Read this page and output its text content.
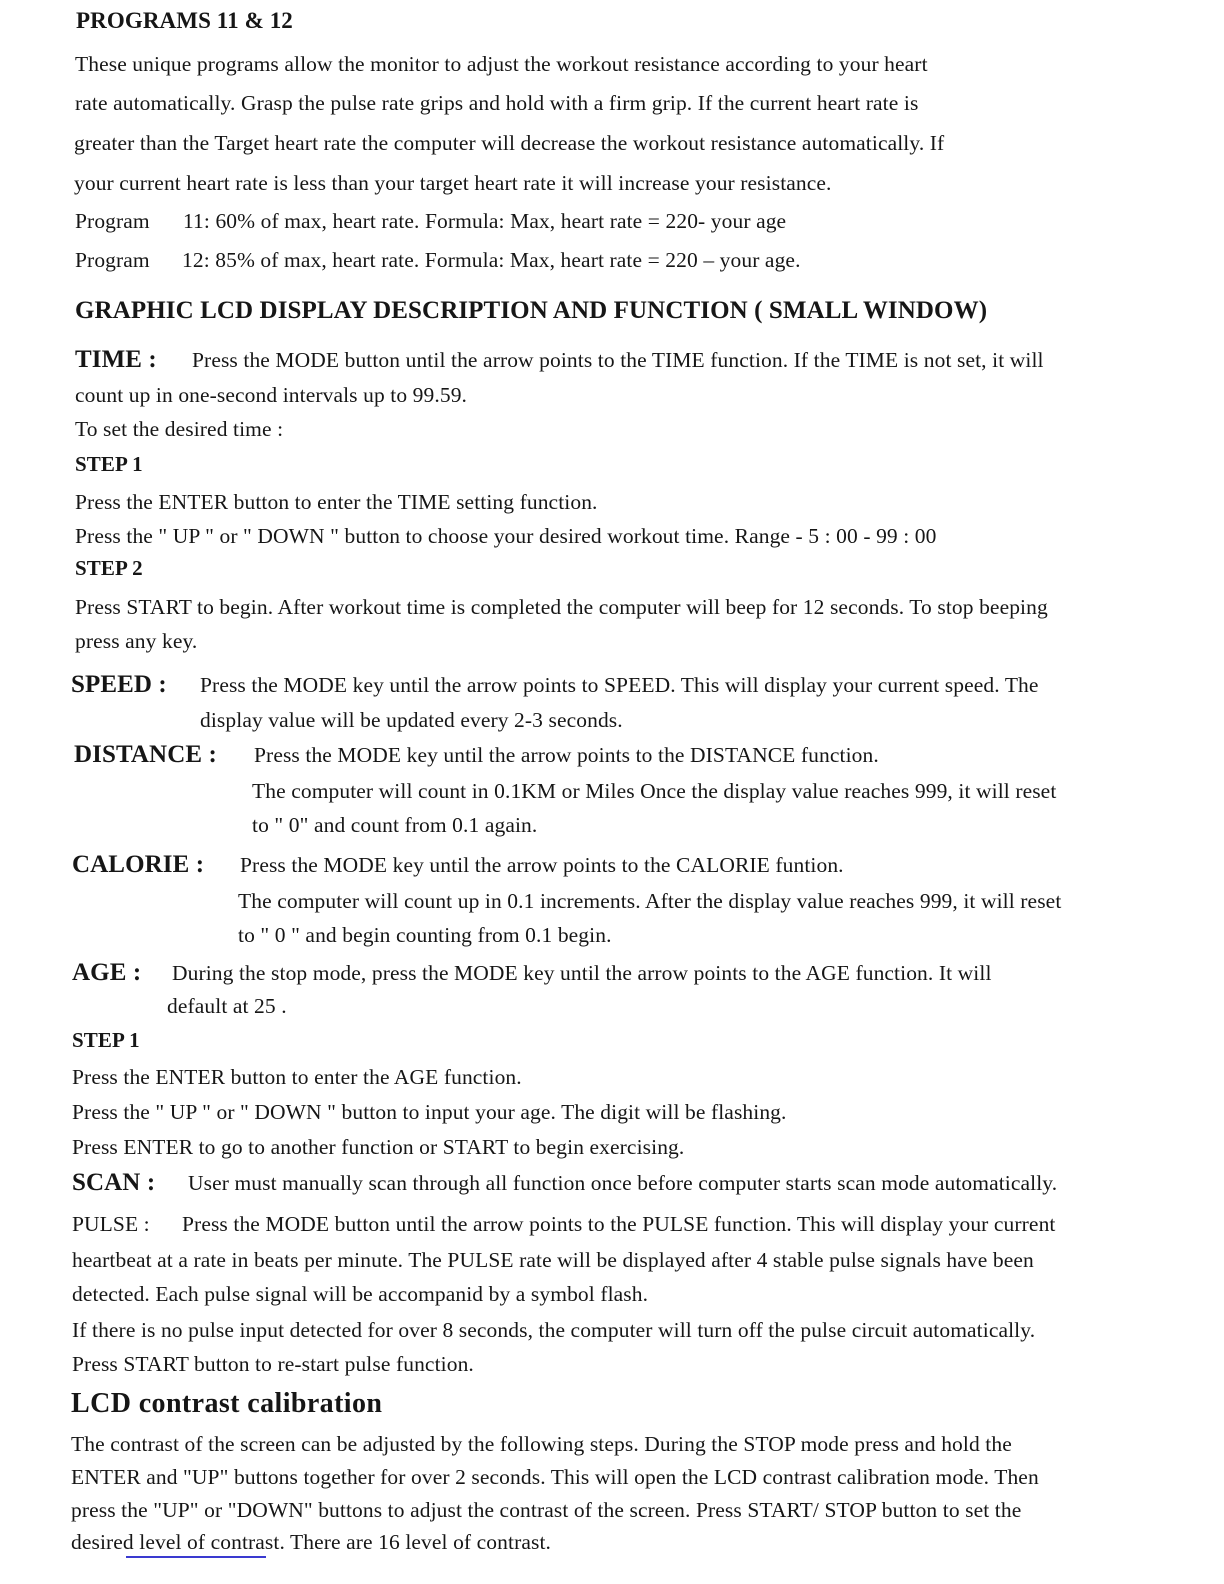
PROGRAMS 11 & 12
These unique programs allow the monitor to adjust the workout resistance according to your heart
rate automatically. Grasp the pulse rate grips and hold with a firm grip. If the current heart rate is
greater than the Target heart rate the computer will decrease the workout resistance automatically. If
your current heart rate is less than your target heart rate it will increase your resistance.
Program 11: 60% of max, heart rate. Formula: Max, heart rate = 220- your age
Program 12: 85% of max, heart rate. Formula: Max, heart rate = 220 – your age.
GRAPHIC LCD DISPLAY DESCRIPTION AND FUNCTION ( SMALL WINDOW)
TIME : Press the MODE button until the arrow points to the TIME function. If the TIME is not set, it will
count up in one-second intervals up to 99.59.
To set the desired time :
STEP 1
Press the ENTER button to enter the TIME setting function.
Press the " UP " or " DOWN " button to choose your desired workout time. Range - 5 : 00 - 99 : 00
STEP 2
Press START to begin. After workout time is completed the computer will beep for 12 seconds. To stop beeping
press any key.
SPEED : Press the MODE key until the arrow points to SPEED. This will display your current speed. The
display value will be updated every 2-3 seconds.
DISTANCE : Press the MODE key until the arrow points to the DISTANCE function.
The computer will count in 0.1KM or Miles Once the display value reaches 999, it will reset
to " 0" and count from 0.1 again.
CALORIE : Press the MODE key until the arrow points to the CALORIE funtion.
The computer will count up in 0.1 increments. After the display value reaches 999, it will reset
to " 0 " and begin counting from 0.1 begin.
AGE : During the stop mode, press the MODE key until the arrow points to the AGE function. It will
default at 25 .
STEP 1
Press the ENTER button to enter the AGE function.
Press the " UP " or " DOWN " button to input your age. The digit will be flashing.
Press ENTER to go to another function or START to begin exercising.
SCAN : User must manually scan through all function once before computer starts scan mode automatically.
PULSE : Press the MODE button until the arrow points to the PULSE function. This will display your current
heartbeat at a rate in beats per minute. The PULSE rate will be displayed after 4 stable pulse signals have been
detected. Each pulse signal will be accompanid by a symbol flash.
If there is no pulse input detected for over 8 seconds, the computer will turn off the pulse circuit automatically.
Press START button to re-start pulse function.
LCD contrast calibration
The contrast of the screen can be adjusted by the following steps. During the STOP mode press and hold the
ENTER and "UP" buttons together for over 2 seconds. This will open the LCD contrast calibration mode. Then
press the "UP" or "DOWN" buttons to adjust the contrast of the screen. Press START/ STOP button to set the
desired level of contrast. There are 16 level of contrast.
